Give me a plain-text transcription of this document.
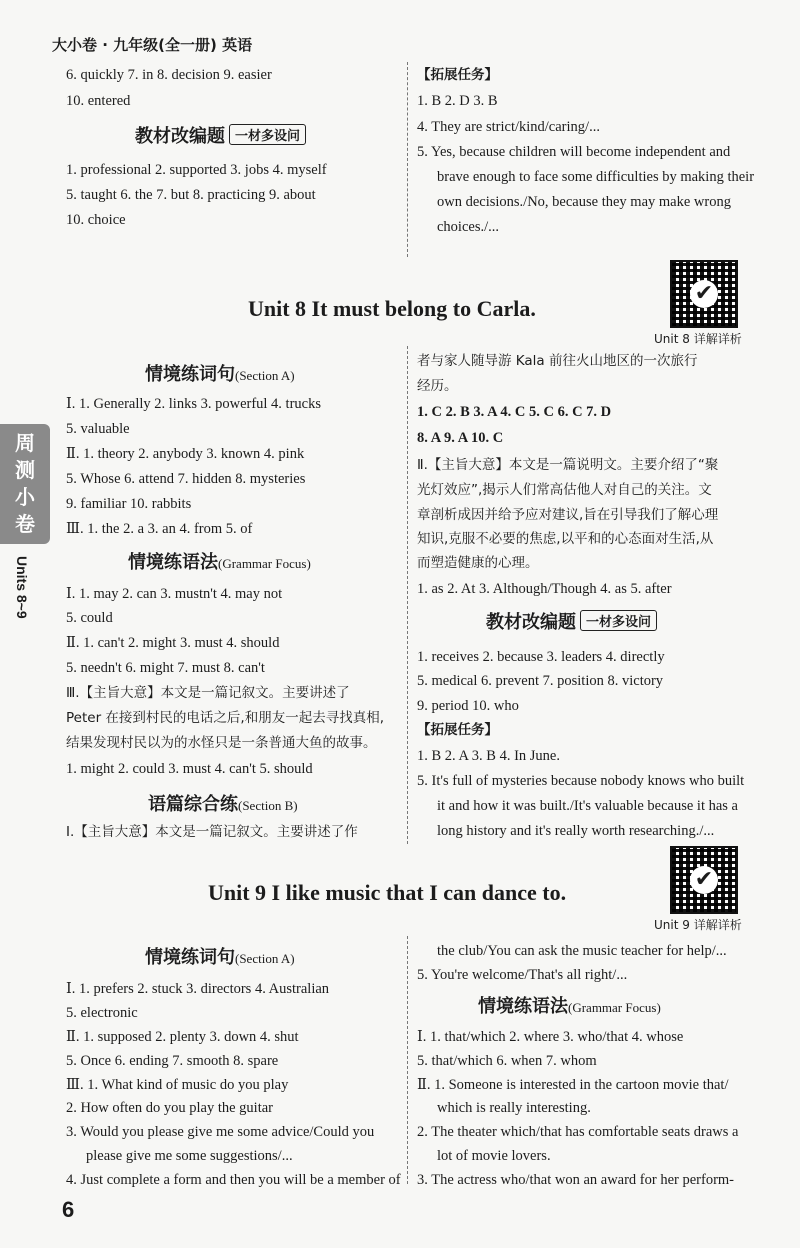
大小卷 · 九年级(全一册) 英语
周测小卷
Units 8~9
6. quickly 7. in 8. decision 9. easier
10. entered
教材改编题 一材多设问
1. professional 2. supported 3. jobs 4. myself
5. taught 6. the 7. but 8. practicing 9. about
10. choice
【拓展任务】
1. B 2. D 3. B
4. They are strict/kind/caring/...
5. Yes, because children will become independent and
brave enough to face some difficulties by making their
own decisions./No, because they may make wrong
choices./...
Unit 8 It must belong to Carla.
✔
Unit 8 详解详析
情境练词句(Section A)
Ⅰ. 1. Generally 2. links 3. powerful 4. trucks
5. valuable
Ⅱ. 1. theory 2. anybody 3. known 4. pink
5. Whose 6. attend 7. hidden 8. mysteries
9. familiar 10. rabbits
Ⅲ. 1. the 2. a 3. an 4. from 5. of
情境练语法(Grammar Focus)
Ⅰ. 1. may 2. can 3. mustn't 4. may not
5. could
Ⅱ. 1. can't 2. might 3. must 4. should
5. needn't 6. might 7. must 8. can't
Ⅲ.【主旨大意】本文是一篇记叙文。主要讲述了
Peter 在接到村民的电话之后,和朋友一起去寻找真相,
结果发现村民以为的水怪只是一条普通大鱼的故事。
1. might 2. could 3. must 4. can't 5. should
语篇综合练(Section B)
Ⅰ.【主旨大意】本文是一篇记叙文。主要讲述了作
者与家人随导游 Kala 前往火山地区的一次旅行
经历。
1. C 2. B 3. A 4. C 5. C 6. C 7. D
8. A 9. A 10. C
Ⅱ.【主旨大意】本文是一篇说明文。主要介绍了“聚
光灯效应”,揭示人们常高估他人对自己的关注。文
章剖析成因并给予应对建议,旨在引导我们了解心理
知识,克服不必要的焦虑,以平和的心态面对生活,从
而塑造健康的心理。
1. as 2. At 3. Although/Though 4. as 5. after
教材改编题 一材多设问
1. receives 2. because 3. leaders 4. directly
5. medical 6. prevent 7. position 8. victory
9. period 10. who
【拓展任务】
1. B 2. A 3. B 4. In June.
5. It's full of mysteries because nobody knows who built
it and how it was built./It's valuable because it has a
long history and it's really worth researching./...
Unit 9 I like music that I can dance to.
✔
Unit 9 详解详析
情境练词句(Section A)
Ⅰ. 1. prefers 2. stuck 3. directors 4. Australian
5. electronic
Ⅱ. 1. supposed 2. plenty 3. down 4. shut
5. Once 6. ending 7. smooth 8. spare
Ⅲ. 1. What kind of music do you play
2. How often do you play the guitar
3. Would you please give me some advice/Could you
please give me some suggestions/...
4. Just complete a form and then you will be a member of
the club/You can ask the music teacher for help/...
5. You're welcome/That's all right/...
情境练语法(Grammar Focus)
Ⅰ. 1. that/which 2. where 3. who/that 4. whose
5. that/which 6. when 7. whom
Ⅱ. 1. Someone is interested in the cartoon movie that/
which is really interesting.
2. The theater which/that has comfortable seats draws a
lot of movie lovers.
3. The actress who/that won an award for her perform-
6
